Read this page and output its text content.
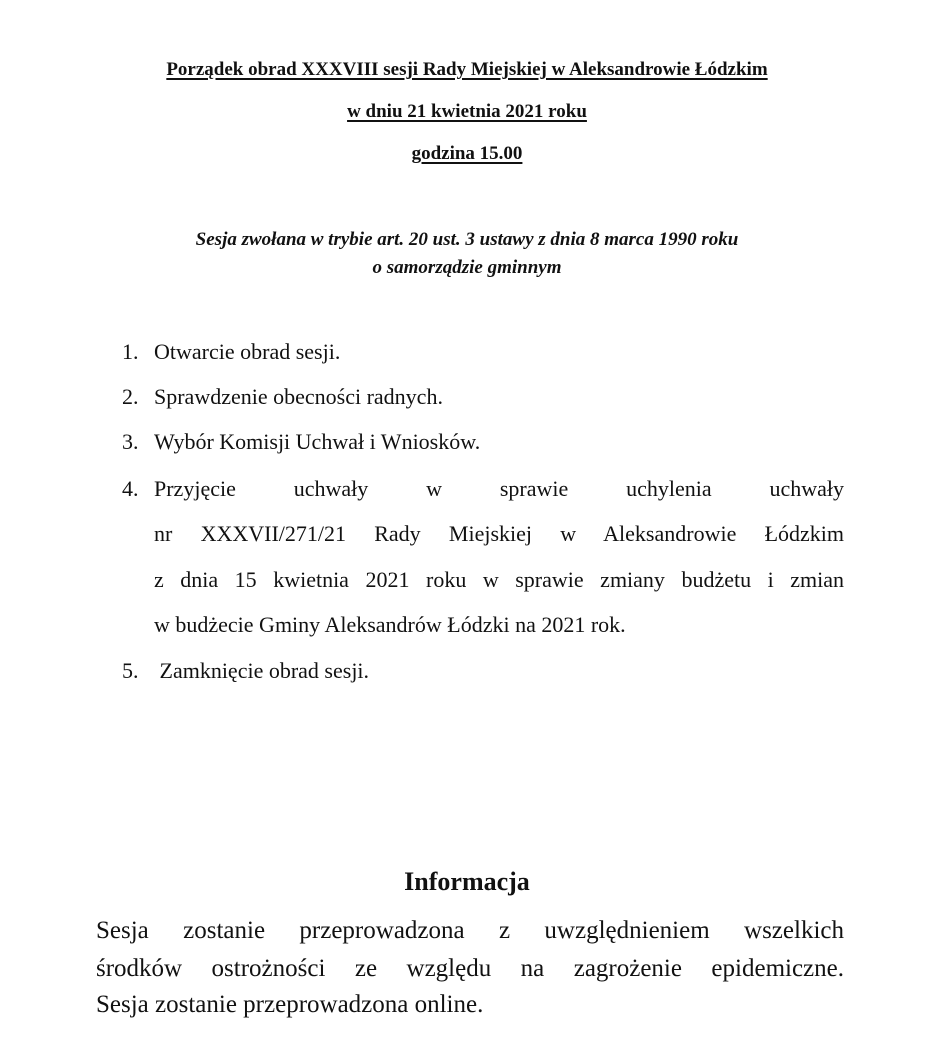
Porządek obrad XXXVIII sesji Rady Miejskiej w Aleksandrowie Łódzkim
w dniu 21 kwietnia 2021 roku
godzina 15.00
Sesja zwołana w trybie art. 20 ust. 3 ustawy z dnia 8 marca 1990 roku
o samorządzie gminnym
1. Otwarcie obrad sesji.
2. Sprawdzenie obecności radnych.
3. Wybór Komisji Uchwał i Wniosków.
4. Przyjęcie uchwały w sprawie uchylenia uchwały
nr XXXVII/271/21 Rady Miejskiej w Aleksandrowie Łódzkim
z dnia 15 kwietnia 2021 roku w sprawie zmiany budżetu i zmian
w budżecie Gminy Aleksandrów Łódzki na 2021 rok.
5. Zamknięcie obrad sesji.
Informacja
Sesja zostanie przeprowadzona z uwzględnieniem wszelkich
środków ostrożności ze względu na zagrożenie epidemiczne.
Sesja zostanie przeprowadzona online.
